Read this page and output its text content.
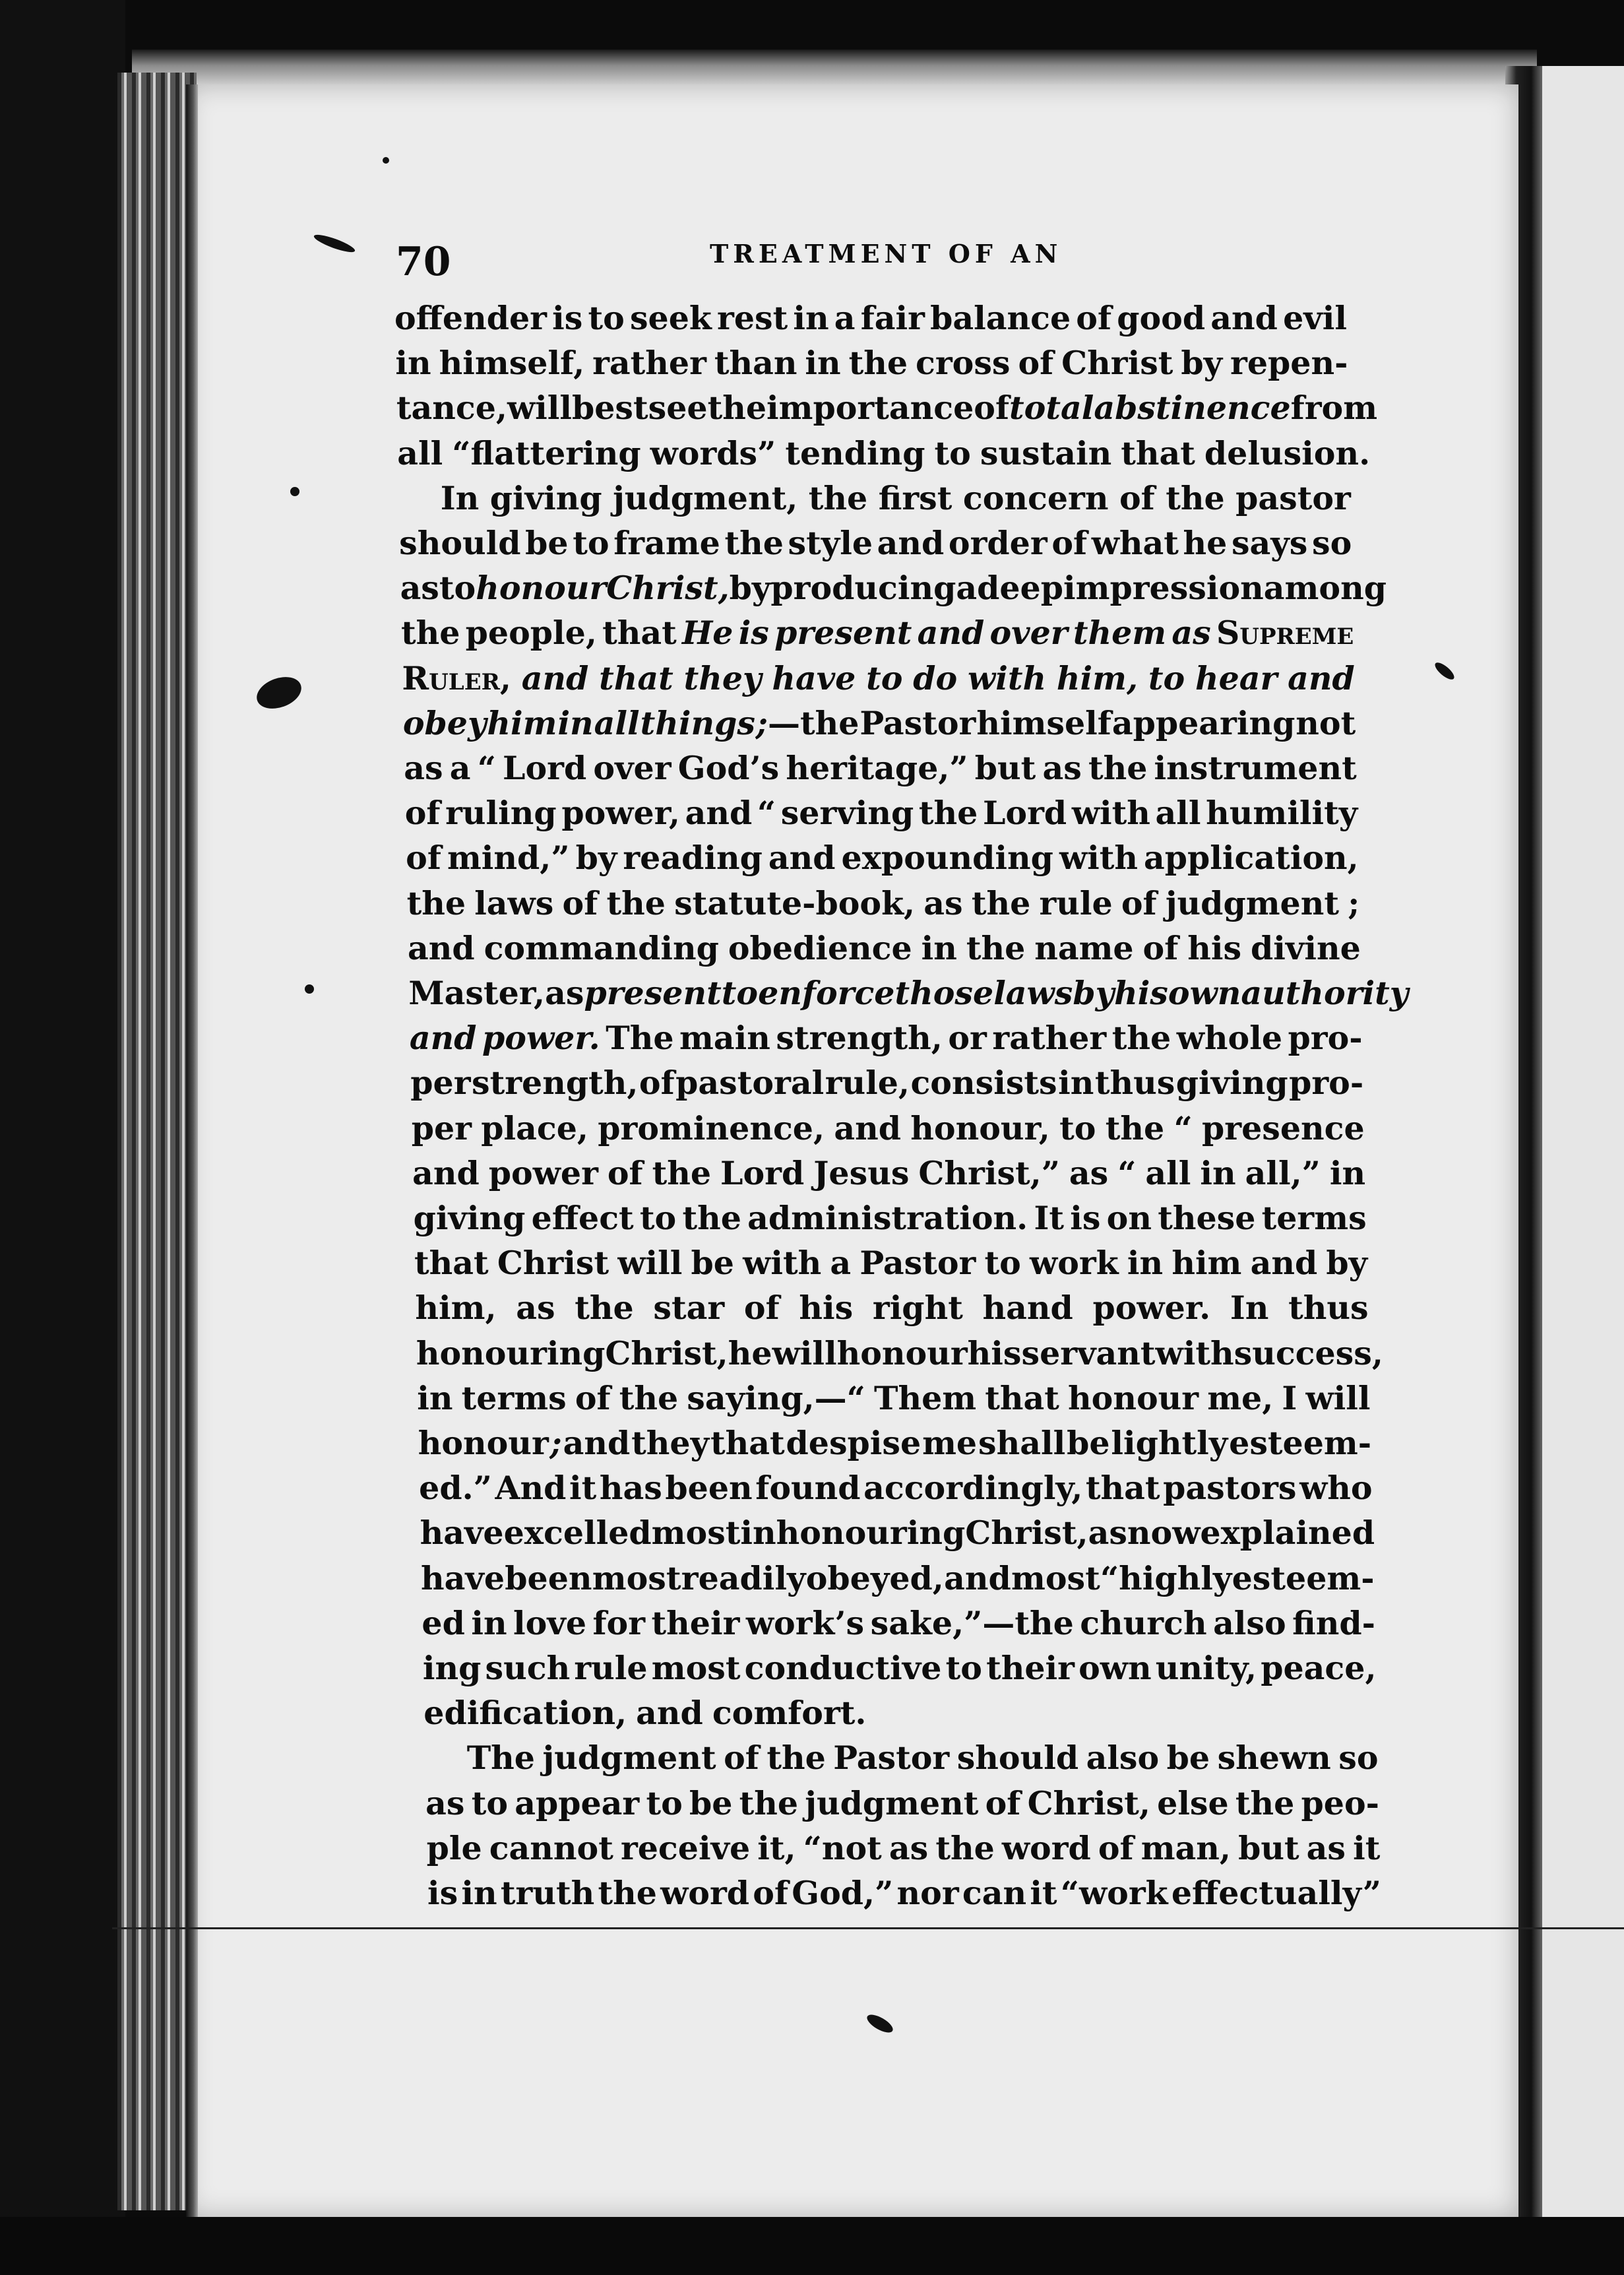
70	TREATMENT OF AN
offender is to seek rest in a fair balance of good and evil
in himself, rather than in the cross of Christ by repen-
tance, will best see the importance of total abstinence from
all “flattering words” tending to sustain that delusion.
In giving judgment, the first concern of the pastor
should be to frame the style and order of what he says so
as to honour Christ, by producing a deep impression among
the people, that He is present and over them as Supreme
Ruler, and that they have to do with him, to hear and
obey him in all things ;—the Pastor himself appearing not
as a “ Lord over God’s heritage,” but as the instrument
of ruling power, and “ serving the Lord with all humility
of mind,” by reading and expounding with application,
the laws of the statute-book, as the rule of judgment ;
and commanding obedience in the name of his divine
Master, as present to enforce those laws by his own authority
and power. The main strength, or rather the whole pro-
per strength, of pastoral rule, consists in thus giving pro-
per place, prominence, and honour, to the “ presence
and power of the Lord Jesus Christ,” as “ all in all,” in
giving effect to the administration. It is on these terms
that Christ will be with a Pastor to work in him and by
him, as the star of his right hand power. In thus
honouring Christ, he will honour his servant with success,
in terms of the saying,—“ Them that honour me, I will
honour ; and they that despise me shall be lightly esteem-
ed.” And it has been found accordingly, that pastors who
have excelled most in honouring Christ, as now explained
have been most readily obeyed, and most “highly esteem-
ed in love for their work’s sake,”—the church also find-
ing such rule most conductive to their own unity, peace,
edification, and comfort.
The judgment of the Pastor should also be shewn so
as to appear to be the judgment of Christ, else the peo-
ple cannot receive it, “not as the word of man, but as it
is in truth the word of God,” nor can it “work effectually”
